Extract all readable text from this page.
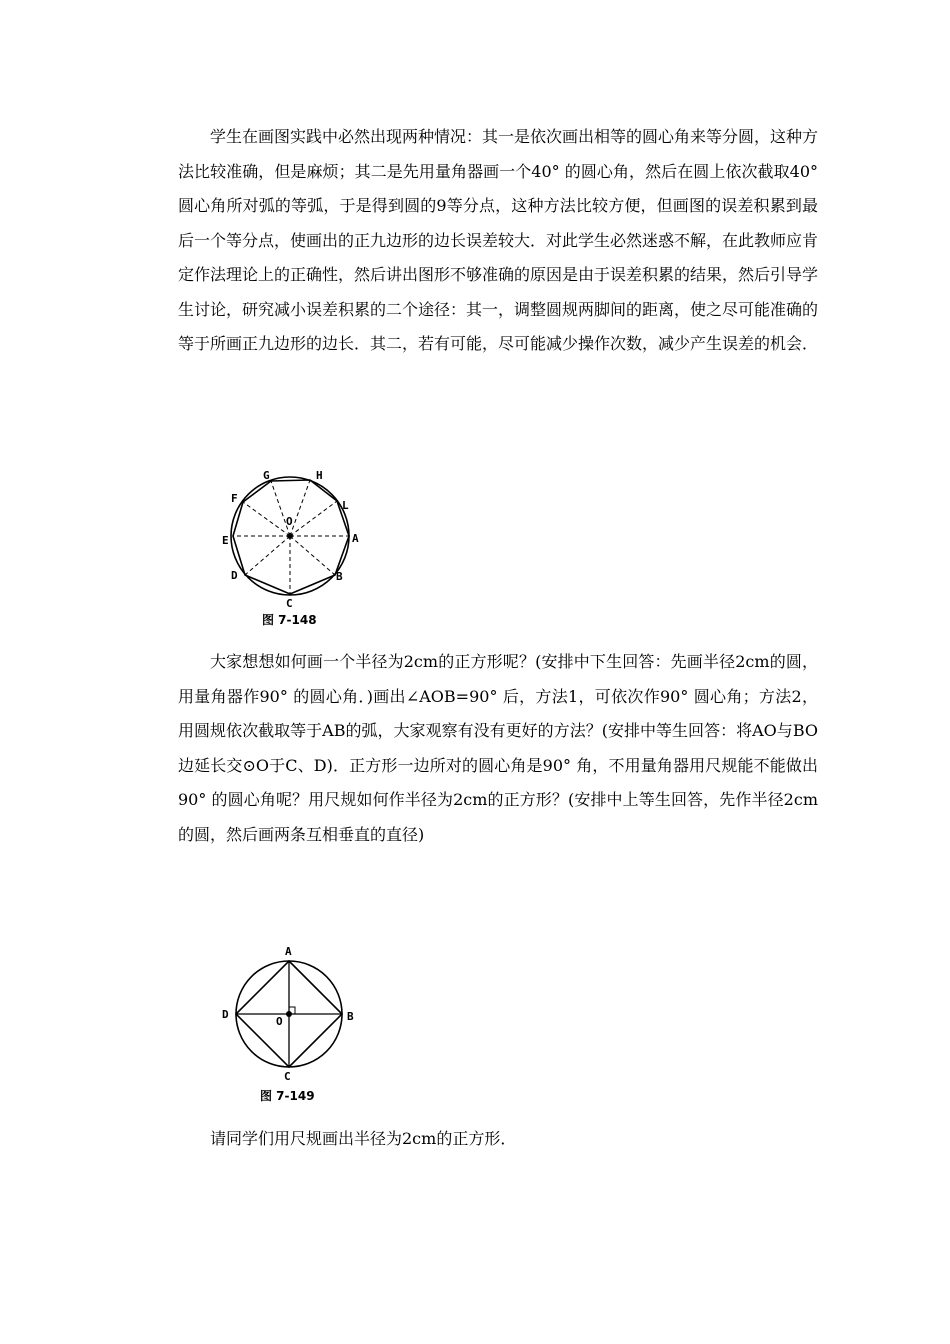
学生在画图实践中必然出现两种情况：其一是依次画出相等的圆心角来等分圆，这种方法比较准确，但是麻烦；其二是先用量角器画一个40° 的圆心角，然后在圆上依次截取40° 圆心角所对弧的等弧，于是得到圆的9等分点，这种方法比较方便，但画图的误差积累到最后一个等分点，使画出的正九边形的边长误差较大．对此学生必然迷惑不解，在此教师应肯定作法理论上的正确性，然后讲出图形不够准确的原因是由于误差积累的结果，然后引导学生讨论，研究减小误差积累的二个途径：其一，调整圆规两脚间的距离，使之尽可能准确的等于所画正九边形的边长．其二，若有可能，尽可能减少操作次数，减少产生误差的机会．

G	H
F
L
O
E	A
D	B
C
图 7-148

大家想想如何画一个半径为2cm的正方形呢？(安排中下生回答：先画半径2cm的圆，用量角器作90° 的圆心角．)画出∠AOB=90° 后，方法1，可依次作90° 圆心角；方法2，用圆规依次截取等于AB的弧，大家观察有没有更好的方法？(安排中等生回答：将AO与BO边延长交⊙O于C、D)．正方形一边所对的圆心角是90° 角，不用量角器用尺规能不能做出90° 的圆心角呢？用尺规如何作半径为2cm的正方形？(安排中上等生回答，先作半径2cm的圆，然后画两条互相垂直的直径)

A
D
O	B
C
图 7-149

请同学们用尺规画出半径为2cm的正方形．
